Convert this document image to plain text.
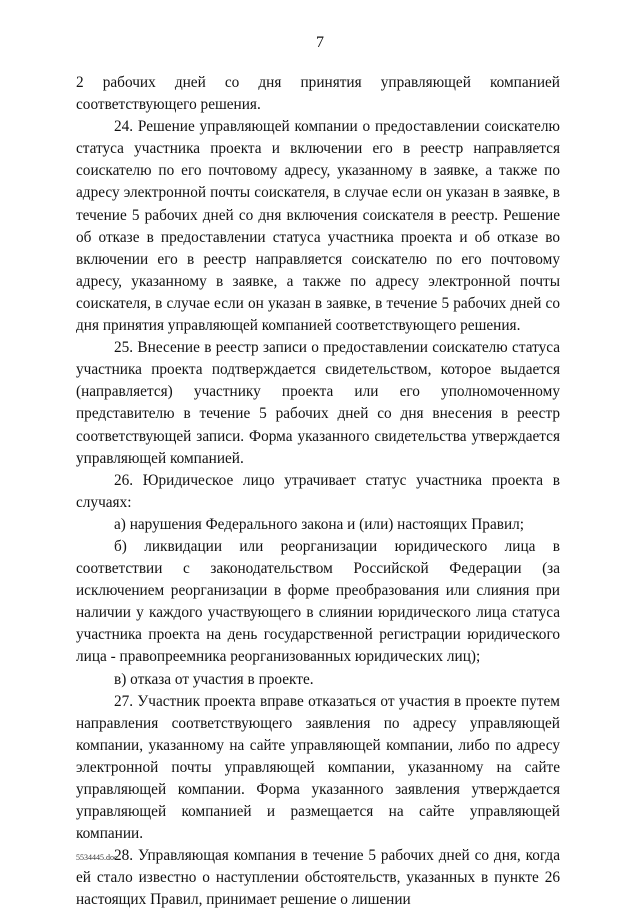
7

2 рабочих дней со дня принятия управляющей компанией соответствующего решения.

24. Решение управляющей компании о предоставлении соискателю статуса участника проекта и включении его в реестр направляется соискателю по его почтовому адресу, указанному в заявке, а также по адресу электронной почты соискателя, в случае если он указан в заявке, в течение 5 рабочих дней со дня включения соискателя в реестр. Решение об отказе в предоставлении статуса участника проекта и об отказе во включении его в реестр направляется соискателю по его почтовому адресу, указанному в заявке, а также по адресу электронной почты соискателя, в случае если он указан в заявке, в течение 5 рабочих дней со дня принятия управляющей компанией соответствующего решения.

25. Внесение в реестр записи о предоставлении соискателю статуса участника проекта подтверждается свидетельством, которое выдается (направляется) участнику проекта или его уполномоченному представителю в течение 5 рабочих дней со дня внесения в реестр соответствующей записи. Форма указанного свидетельства утверждается управляющей компанией.

26. Юридическое лицо утрачивает статус участника проекта в случаях:

а) нарушения Федерального закона и (или) настоящих Правил;

б) ликвидации или реорганизации юридического лица в соответствии с законодательством Российской Федерации (за исключением реорганизации в форме преобразования или слияния при наличии у каждого участвующего в слиянии юридического лица статуса участника проекта на день государственной регистрации юридического лица - правопреемника реорганизованных юридических лиц);

в) отказа от участия в проекте.

27. Участник проекта вправе отказаться от участия в проекте путем направления соответствующего заявления по адресу управляющей компании, указанному на сайте управляющей компании, либо по адресу электронной почты управляющей компании, указанному на сайте управляющей компании. Форма указанного заявления утверждается управляющей компанией и размещается на сайте управляющей компании.

28. Управляющая компания в течение 5 рабочих дней со дня, когда ей стало известно о наступлении обстоятельств, указанных в пункте 26 настоящих Правил, принимает решение о лишении

5534445.doc
